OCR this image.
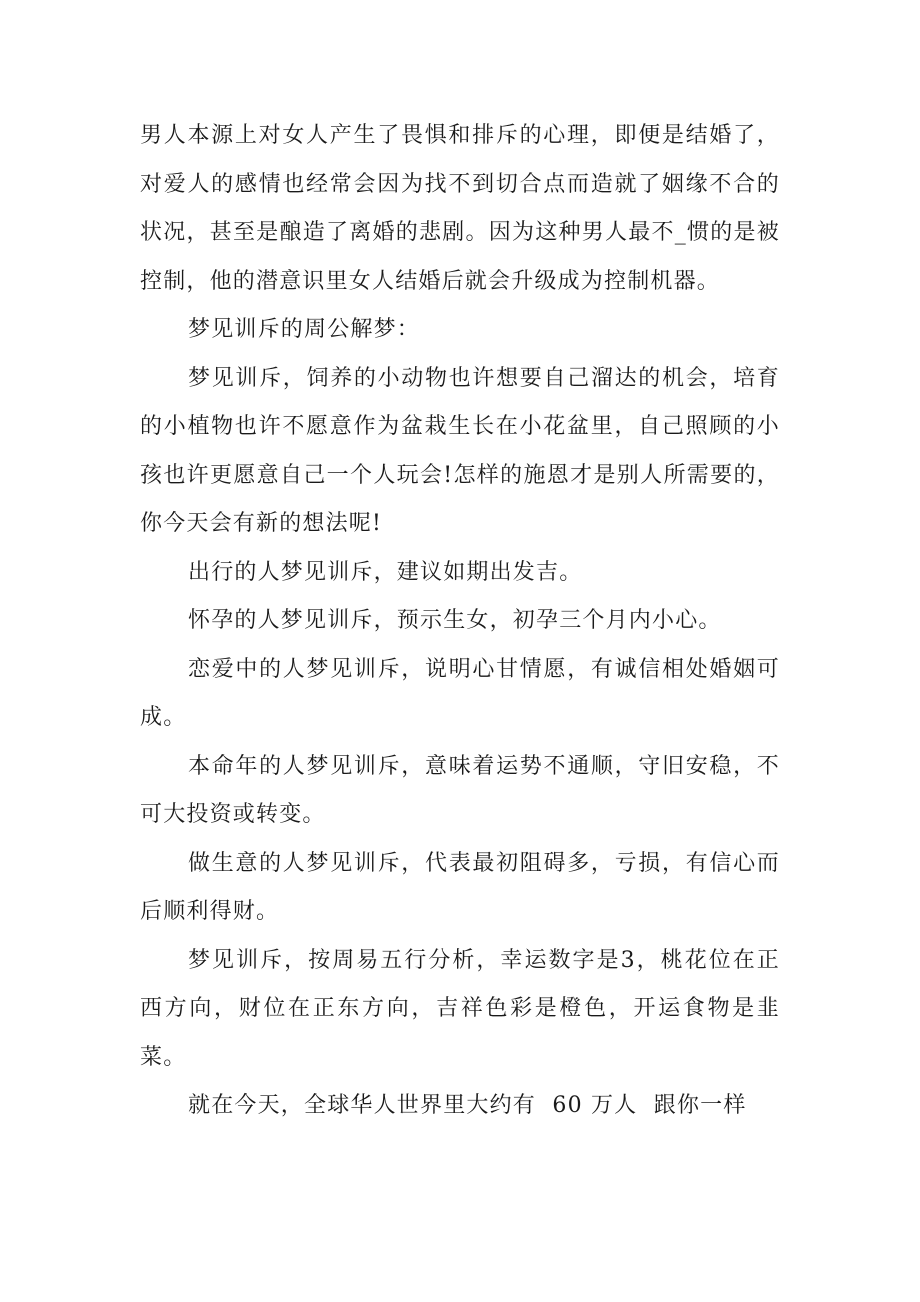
男人本源上对女人产生了畏惧和排斥的心理，即便是结婚了，对爱人的感情也经常会因为找不到切合点而造就了姻缘不合的状况，甚至是酿造了离婚的悲剧。因为这种男人最不_惯的是被控制，他的潜意识里女人结婚后就会升级成为控制机器。

梦见训斥的周公解梦：

梦见训斥，饲养的小动物也许想要自己溜达的机会，培育的小植物也许不愿意作为盆栽生长在小花盆里，自己照顾的小孩也许更愿意自己一个人玩会!怎样的施恩才是别人所需要的，你今天会有新的想法呢!

出行的人梦见训斥，建议如期出发吉。

怀孕的人梦见训斥，预示生女，初孕三个月内小心。

恋爱中的人梦见训斥，说明心甘情愿，有诚信相处婚姻可成。

本命年的人梦见训斥，意味着运势不通顺，守旧安稳，不可大投资或转变。

做生意的人梦见训斥，代表最初阻碍多，亏损，有信心而后顺利得财。

梦见训斥，按周易五行分析，幸运数字是3，桃花位在正西方向，财位在正东方向，吉祥色彩是橙色，开运食物是韭菜。

就在今天，全球华人世界里大约有  60 万人  跟你一样
